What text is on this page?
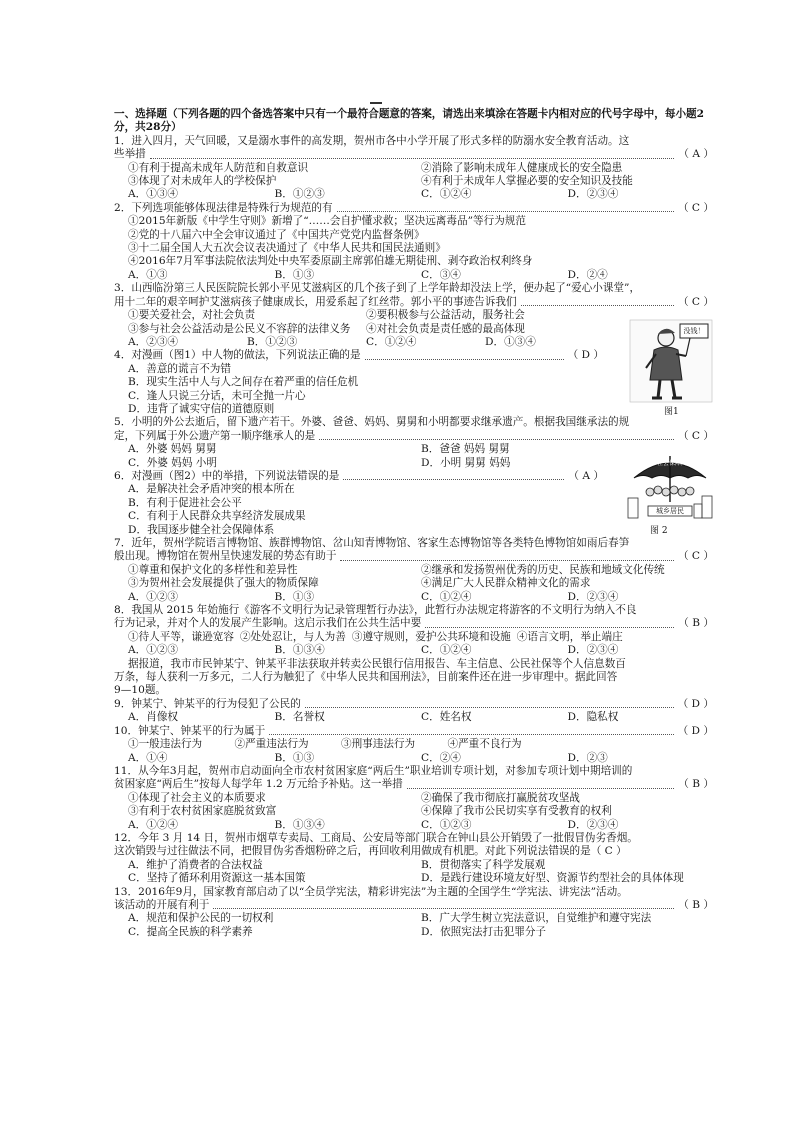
一、选择题（下列各题的四个备选答案中只有一个最符合题意的答案，请选出来填涂在答题卡内相对应的代号字母中，每小题2分，共28分）
1．进入四月，天气回暖，又是溺水事件的高发期，贺州市各中小学开展了形式多样的防溺水安全教育活动。这
些举措	（ A ）
①有利于提高未成年人防范和自救意识	②消除了影响未成年人健康成长的安全隐患
③体现了对未成年人的学校保护	④有利于未成年人掌握必要的安全知识及技能
A．①③④	B．①②③	C．①②④	D．②③④
2．下列选项能够体现法律是特殊行为规范的有	（ C ）
①2015年新版《中学生守则》新增了“……会自护懂求救；坚决远离毒品”等行为规范
②党的十八届六中全会审议通过了《中国共产党党内监督条例》
③十二届全国人大五次会议表决通过了《中华人民共和国民法通则》
④2016年7月军事法院依法判处中央军委原副主席郭伯雄无期徒刑、剥夺政治权利终身
A．①③	B．①③	C．③④	D．②④
3．山西临汾第三人民医院院长郭小平见艾滋病区的几个孩子到了上学年龄却没法上学，便办起了“爱心小课堂”，
用十二年的艰辛呵护艾滋病孩子健康成长，用爱系起了红丝带。郭小平的事迹告诉我们	（ C ）
①要关爱社会，对社会负责	②要积极参与公益活动，服务社会
③参与社会公益活动是公民义不容辞的法律义务	④对社会负责是责任感的最高体现
A．②③④	B．①②③	C．①②④	D．①③④
4．对漫画（图1）中人物的做法，下列说法正确的是	（ D ）
A．善意的谎言不为错
B．现实生活中人与人之间存在着严重的信任危机
C．逢人只说三分话，未可全抛一片心
D．违背了诚实守信的道德原则
5．小明的外公去逝后，留下遗产若干。外婆、爸爸、妈妈、舅舅和小明都要求继承遗产。根据我国继承法的规
定，下列属于外公遗产第一顺序继承人的是	（ C ）
A．外婆 妈妈 舅舅	B．爸爸 妈妈 舅舅
C．外婆 妈妈 小明	D．小明 舅舅 妈妈
6．对漫画（图2）中的举措，下列说法错误的是	（ A ）
A．是解决社会矛盾冲突的根本所在
B．有利于促进社会公平
C．有利于人民群众共享经济发展成果
D．我国逐步健全社会保障体系
7．近年，贺州学院语言博物馆、族群博物馆、岔山知青博物馆、客家生态博物馆等各类特色博物馆如雨后春笋
般出现。博物馆在贺州呈快速发展的势态有助于	（ C ）
①尊重和保护文化的多样性和差异性	②继承和发扬贺州优秀的历史、民族和地域文化传统
③为贺州社会发展提供了强大的物质保障	④满足广大人民群众精神文化的需求
A．①②③	B．①③	C．①②④	D．②③④
8．我国从 2015 年始施行《游客不文明行为记录管理暂行办法》，此暂行办法规定将游客的不文明行为纳入不良
行为记录，并对个人的发展产生影响。这启示我们在公共生活中要	（ B ）
①待人平等，谦逊宽容 ②处处忍让，与人为善 ③遵守规则，爱护公共环境和设施 ④语言文明，举止端庄
A．①②③	B．①③④	C．①②④	D．②③④
据报道，我市市民钟某宁、钟某平非法获取并转卖公民银行信用报告、车主信息、公民社保等个人信息数百
万条，每人获利一万多元，二人行为触犯了《中华人民共和国刑法》，目前案件还在进一步审理中。据此回答
9—10题。
9．钟某宁、钟某平的行为侵犯了公民的	（ D ）
A．肖像权	B．名誉权	C．姓名权	D．隐私权
10．钟某宁、钟某平的行为属于	（ D ）
①一般违法行为	②严重违法行为	③刑事违法行为	④严重不良行为
A．①④	B．①③	C．②④	D．②③
11．从今年3月起，贺州市启动面向全市农村贫困家庭“两后生”职业培训专项计划，对参加专项计划中期培训的
贫困家庭“两后生”按每人每学年 1.2 万元给予补贴。这一举措	（ B ）
①体现了社会主义的本质要求	②确保了我市彻底打赢脱贫攻坚战
③有利于农村贫困家庭脱贫致富	④保障了我市公民切实享有受教育的权利
A．①②④	B．①③④	C．①②③	D．②③④
12．今年 3 月 14 日，贺州市烟草专卖局、工商局、公安局等部门联合在钟山县公开销毁了一批假冒伪劣香烟。
这次销毁与过往做法不同，把假冒伪劣香烟粉碎之后，再回收利用做成有机肥。对此下列说法错误的是 （ C ）
A．维护了消费者的合法权益	B．贯彻落实了科学发展观
C．坚持了循环利用资源这一基本国策	D．是践行建设环境友好型、资源节约型社会的具体体现
13．2016年9月，国家教育部启动了以“全员学宪法，精彩讲宪法”为主题的全国学生“学宪法、讲宪法”活动。
该活动的开展有利于	（ B ）
A．规范和保护公民的一切权利	B．广大学生树立宪法意识，自觉维护和遵守宪法
C．提高全民族的科学素养	D．依照宪法打击犯罪分子
没钱！
图1
社会保障网
城乡居民
图 2
